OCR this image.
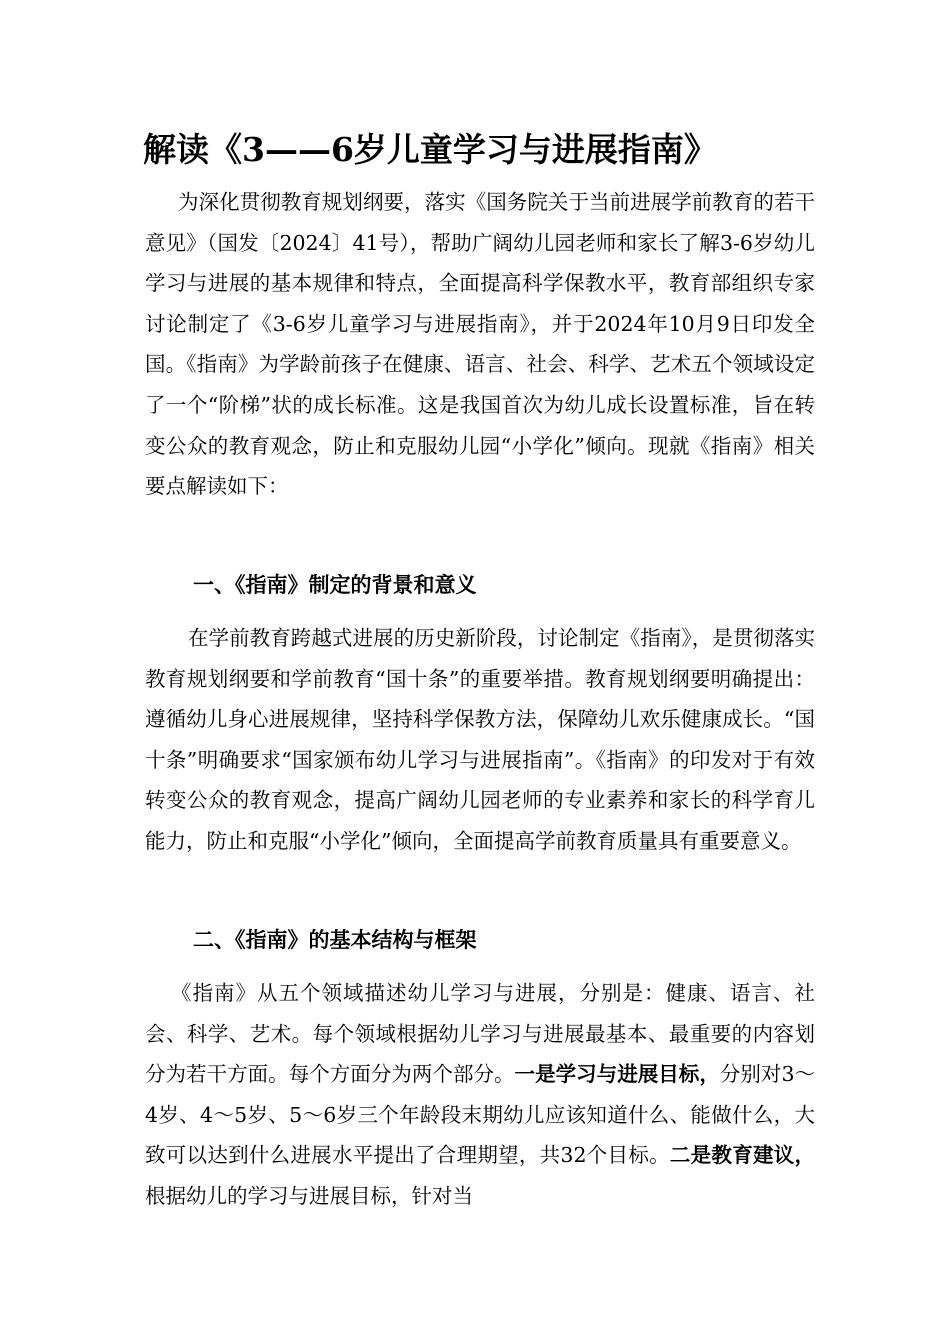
解读《3——6岁儿童学习与进展指南》

为深化贯彻教育规划纲要，落实《国务院关于当前进展学前教育的若干意见》（国发〔2024〕41号），帮助广阔幼儿园老师和家长了解3-6岁幼儿学习与进展的基本规律和特点，全面提高科学保教水平，教育部组织专家讨论制定了《3-6岁儿童学习与进展指南》，并于2024年10月9日印发全国。《指南》为学龄前孩子在健康、语言、社会、科学、艺术五个领域设定了一个“阶梯”状的成长标准。这是我国首次为幼儿成长设置标准，旨在转变公众的教育观念，防止和克服幼儿园“小学化”倾向。现就《指南》相关要点解读如下：

一、《指南》制定的背景和意义

在学前教育跨越式进展的历史新阶段，讨论制定《指南》，是贯彻落实教育规划纲要和学前教育“国十条”的重要举措。教育规划纲要明确提出：遵循幼儿身心进展规律，坚持科学保教方法，保障幼儿欢乐健康成长。“国十条”明确要求“国家颁布幼儿学习与进展指南”。《指南》的印发对于有效转变公众的教育观念，提高广阔幼儿园老师的专业素养和家长的科学育儿能力，防止和克服“小学化”倾向，全面提高学前教育质量具有重要意义。

二、《指南》的基本结构与框架

《指南》从五个领域描述幼儿学习与进展，分别是：健康、语言、社会、科学、艺术。每个领域根据幼儿学习与进展最基本、最重要的内容划分为若干方面。每个方面分为两个部分。一是学习与进展目标，分别对3～4岁、4～5岁、5～6岁三个年龄段末期幼儿应该知道什么、能做什么，大致可以达到什么进展水平提出了合理期望，共32个目标。二是教育建议，根据幼儿的学习与进展目标，针对当
